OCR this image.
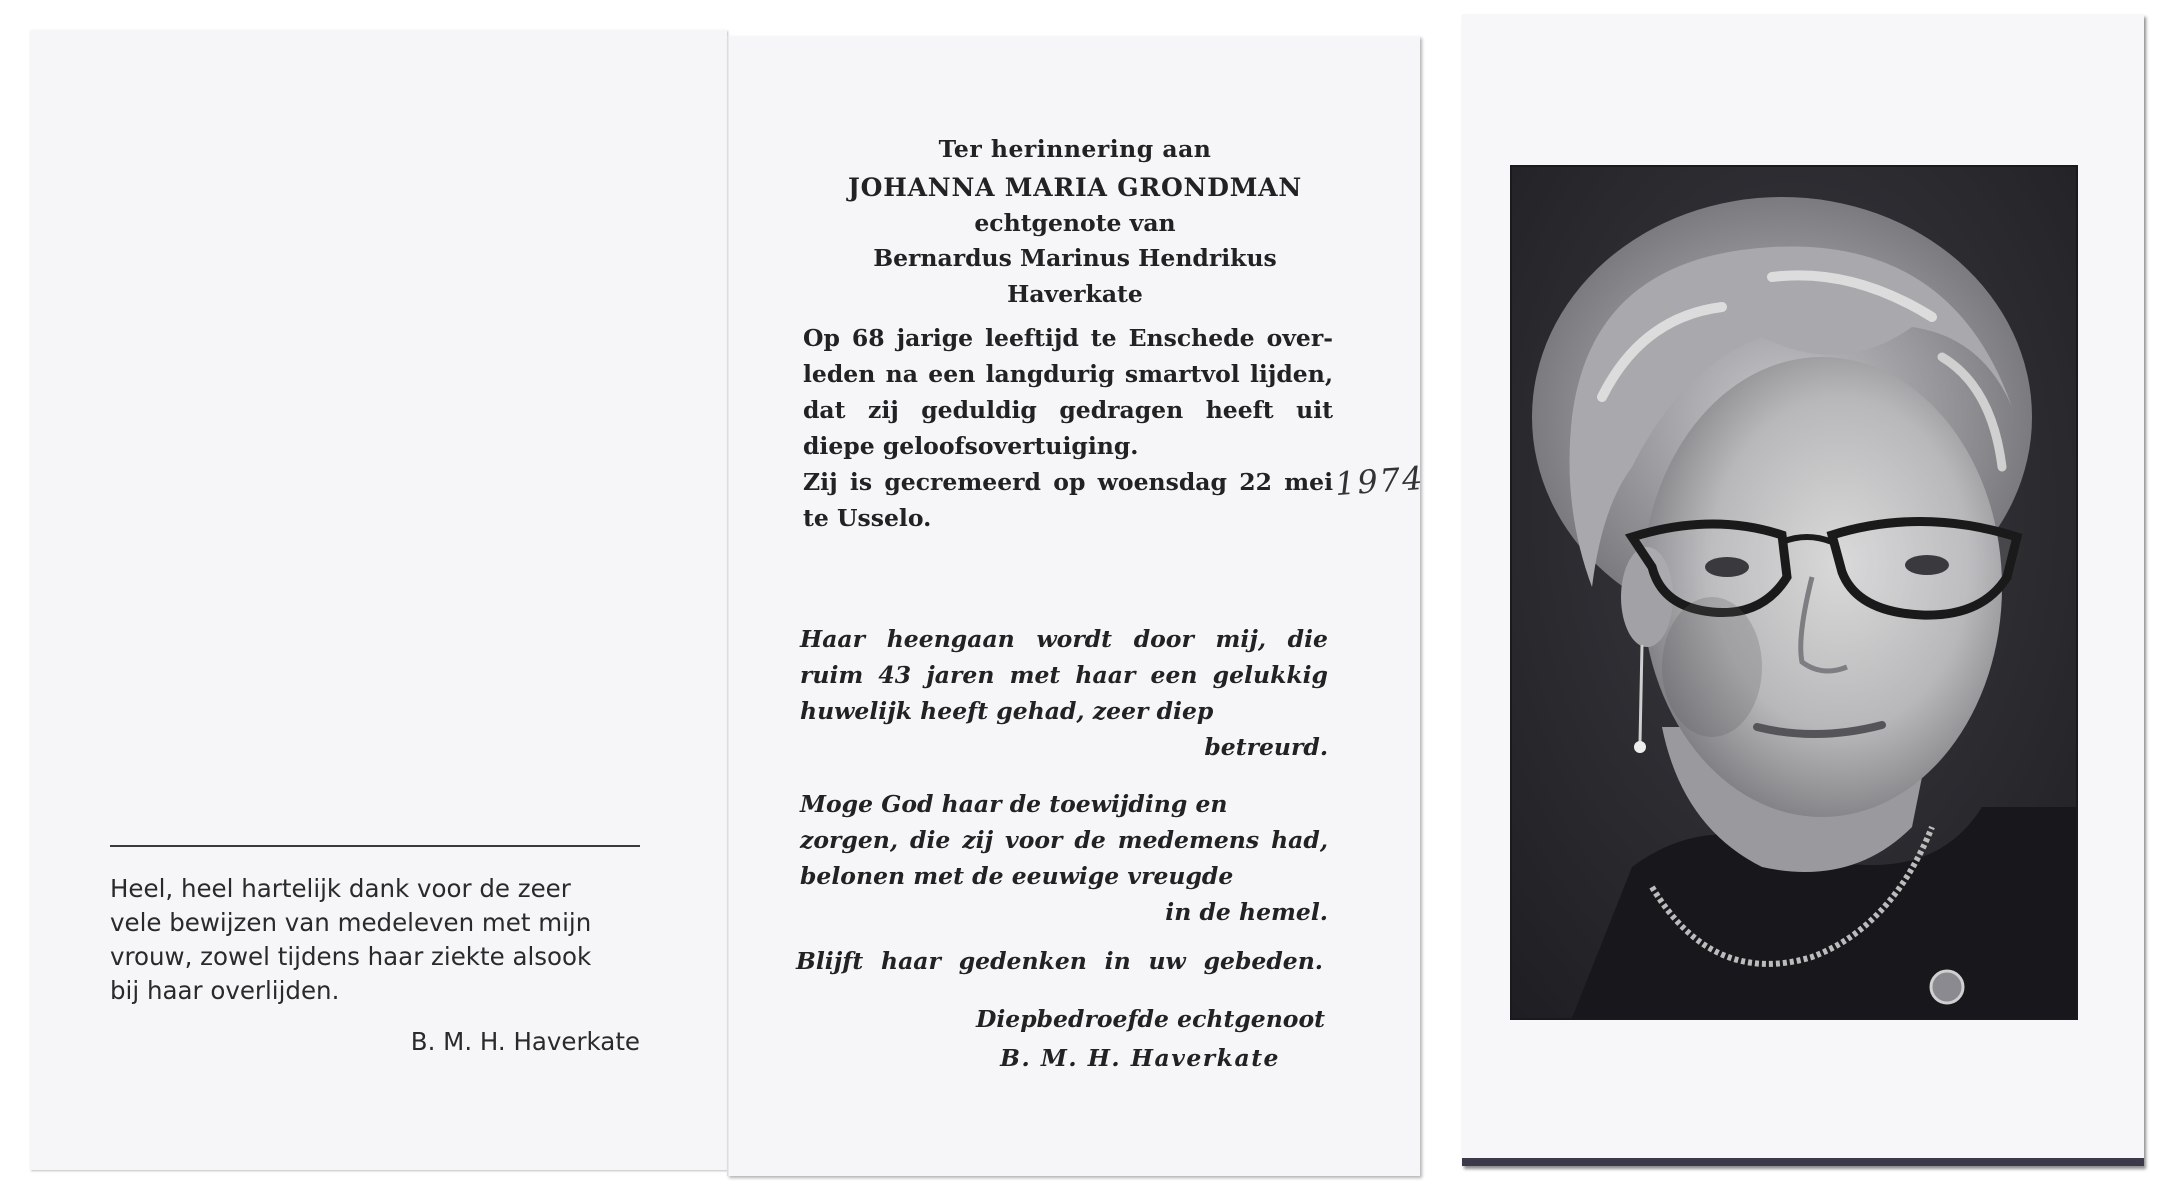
Heel, heel hartelijk dank voor de zeer
vele bewijzen van medeleven met mijn
vrouw, zowel tijdens haar ziekte alsook
bij haar overlijden.

B. M. H. Haverkate
Ter herinnering aan
JOHANNA MARIA GRONDMAN
echtgenote van
Bernardus Marinus Hendrikus
Haverkate
Op 68 jarige leeftijd te Enschede over-
leden na een langdurig smartvol lijden,
dat zij geduldig gedragen heeft uit
diepe geloofsovertuiging.
Zij is gecremeerd op woensdag 22 mei
te Usselo.
1974
Haar heengaan wordt door mij, die
ruim 43 jaren met haar een gelukkig
huwelijk heeft gehad, zeer diep
betreurd.
Moge God haar de toewijding en
zorgen, die zij voor de medemens had,
belonen met de eeuwige vreugde
in de hemel.
Blijft haar gedenken in uw gebeden.
Diepbedroefde echtgenoot
B. M. H. Haverkate
